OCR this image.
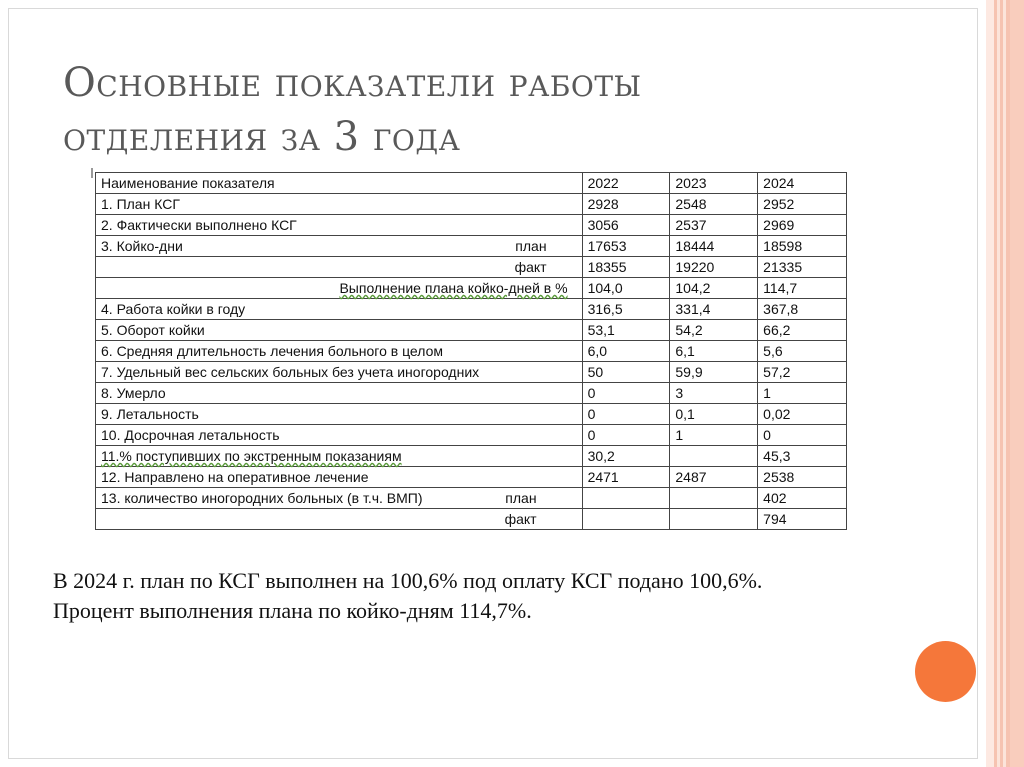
Основные показатели работы
отделения за 3 года
Наименование показателя	2022	2023	2024
1. План КСГ	2928	2548	2952
2. Фактически выполнено КСГ	3056	2537	2969

3. Койко-дни план	17653	18444	18598

факт	18355	19220	21335
Выполнение плана койко-дней в %	104,0	104,2	114,7
4. Работа койки в году	316,5	331,4	367,8
5. Оборот койки	53,1	54,2	66,2
6. Средняя длительность лечения больного в целом	6,0	6,1	5,6
7. Удельный вес сельских больных без учета иногородних	50	59,9	57,2
8. Умерло	0	3	1
9. Летальность	0	0,1	0,02
10. Досрочная летальность	0	1	0
11.% поступивших по экстренным показаниям	30,2		45,3
12. Направлено на оперативное лечение	2471	2487	2538

13. количество иногородних больных (в т.ч. ВМП) план			402

факт			794

В 2024 г. план по КСГ выполнен на 100,6% под оплату КСГ подано 100,6%.
Процент выполнения плана по койко-дням 114,7%.
